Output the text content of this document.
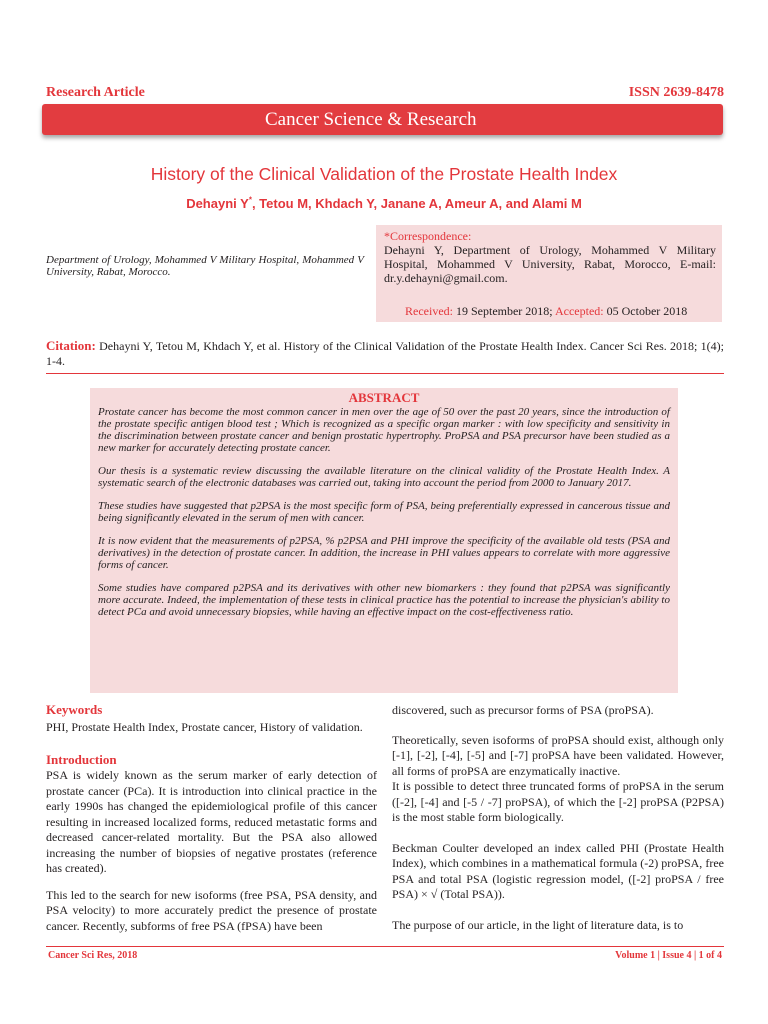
Research Article	ISSN 2639-8478
Cancer Science & Research
History of the Clinical Validation of the Prostate Health Index
Dehayni Y*, Tetou M, Khdach Y, Janane A, Ameur A, and Alami M
Department of Urology, Mohammed V Military Hospital, Mohammed V University, Rabat, Morocco.
*Correspondence:
Dehayni Y, Department of Urology, Mohammed V Military Hospital, Mohammed V University, Rabat, Morocco, E-mail: dr.y.dehayni@gmail.com.
Received: 19 September 2018; Accepted: 05 October 2018
Citation: Dehayni Y, Tetou M, Khdach Y, et al. History of the Clinical Validation of the Prostate Health Index. Cancer Sci Res. 2018; 1(4); 1-4.
ABSTRACT

Prostate cancer has become the most common cancer in men over the age of 50 over the past 20 years, since the introduction of the prostate specific antigen blood test ; Which is recognized as a specific organ marker : with low specificity and sensitivity in the discrimination between prostate cancer and benign prostatic hypertrophy. ProPSA and PSA precursor have been studied as a new marker for accurately detecting prostate cancer.

Our thesis is a systematic review discussing the available literature on the clinical validity of the Prostate Health Index. A systematic search of the electronic databases was carried out, taking into account the period from 2000 to January 2017.

These studies have suggested that p2PSA is the most specific form of PSA, being preferentially expressed in cancerous tissue and being significantly elevated in the serum of men with cancer.

It is now evident that the measurements of p2PSA, % p2PSA and PHI improve the specificity of the available old tests (PSA and derivatives) in the detection of prostate cancer. In addition, the increase in PHI values appears to correlate with more aggressive forms of cancer.

Some studies have compared p2PSA and its derivatives with other new biomarkers : they found that p2PSA was significantly more accurate. Indeed, the implementation of these tests in clinical practice has the potential to increase the physician's ability to detect PCa and avoid unnecessary biopsies, while having an effective impact on the cost-effectiveness ratio.

Keywords
PHI, Prostate Health Index, Prostate cancer, History of validation.
Introduction

PSA is widely known as the serum marker of early detection of prostate cancer (PCa). It is introduction into clinical practice in the early 1990s has changed the epidemiological profile of this cancer resulting in increased localized forms, reduced metastatic forms and decreased cancer-related mortality. But the PSA also allowed increasing the number of biopsies of negative prostates (reference has created).

This led to the search for new isoforms (free PSA, PSA density, and PSA velocity) to more accurately predict the presence of prostate cancer. Recently, subforms of free PSA (fPSA) have been

discovered, such as precursor forms of PSA (proPSA).

Theoretically, seven isoforms of proPSA should exist, although only [-1], [-2], [-4], [-5] and [-7] proPSA have been validated. However, all forms of proPSA are enzymatically inactive.

It is possible to detect three truncated forms of proPSA in the serum ([-2], [-4] and [-5 / -7] proPSA), of which the [-2] proPSA (P2PSA) is the most stable form biologically.

Beckman Coulter developed an index called PHI (Prostate Health Index), which combines in a mathematical formula (-2) proPSA, free PSA and total PSA (logistic regression model, ([-2] proPSA / free PSA) × √ (Total PSA)).

The purpose of our article, in the light of literature data, is to

Cancer Sci Res, 2018	Volume 1 | Issue 4 | 1 of 4
